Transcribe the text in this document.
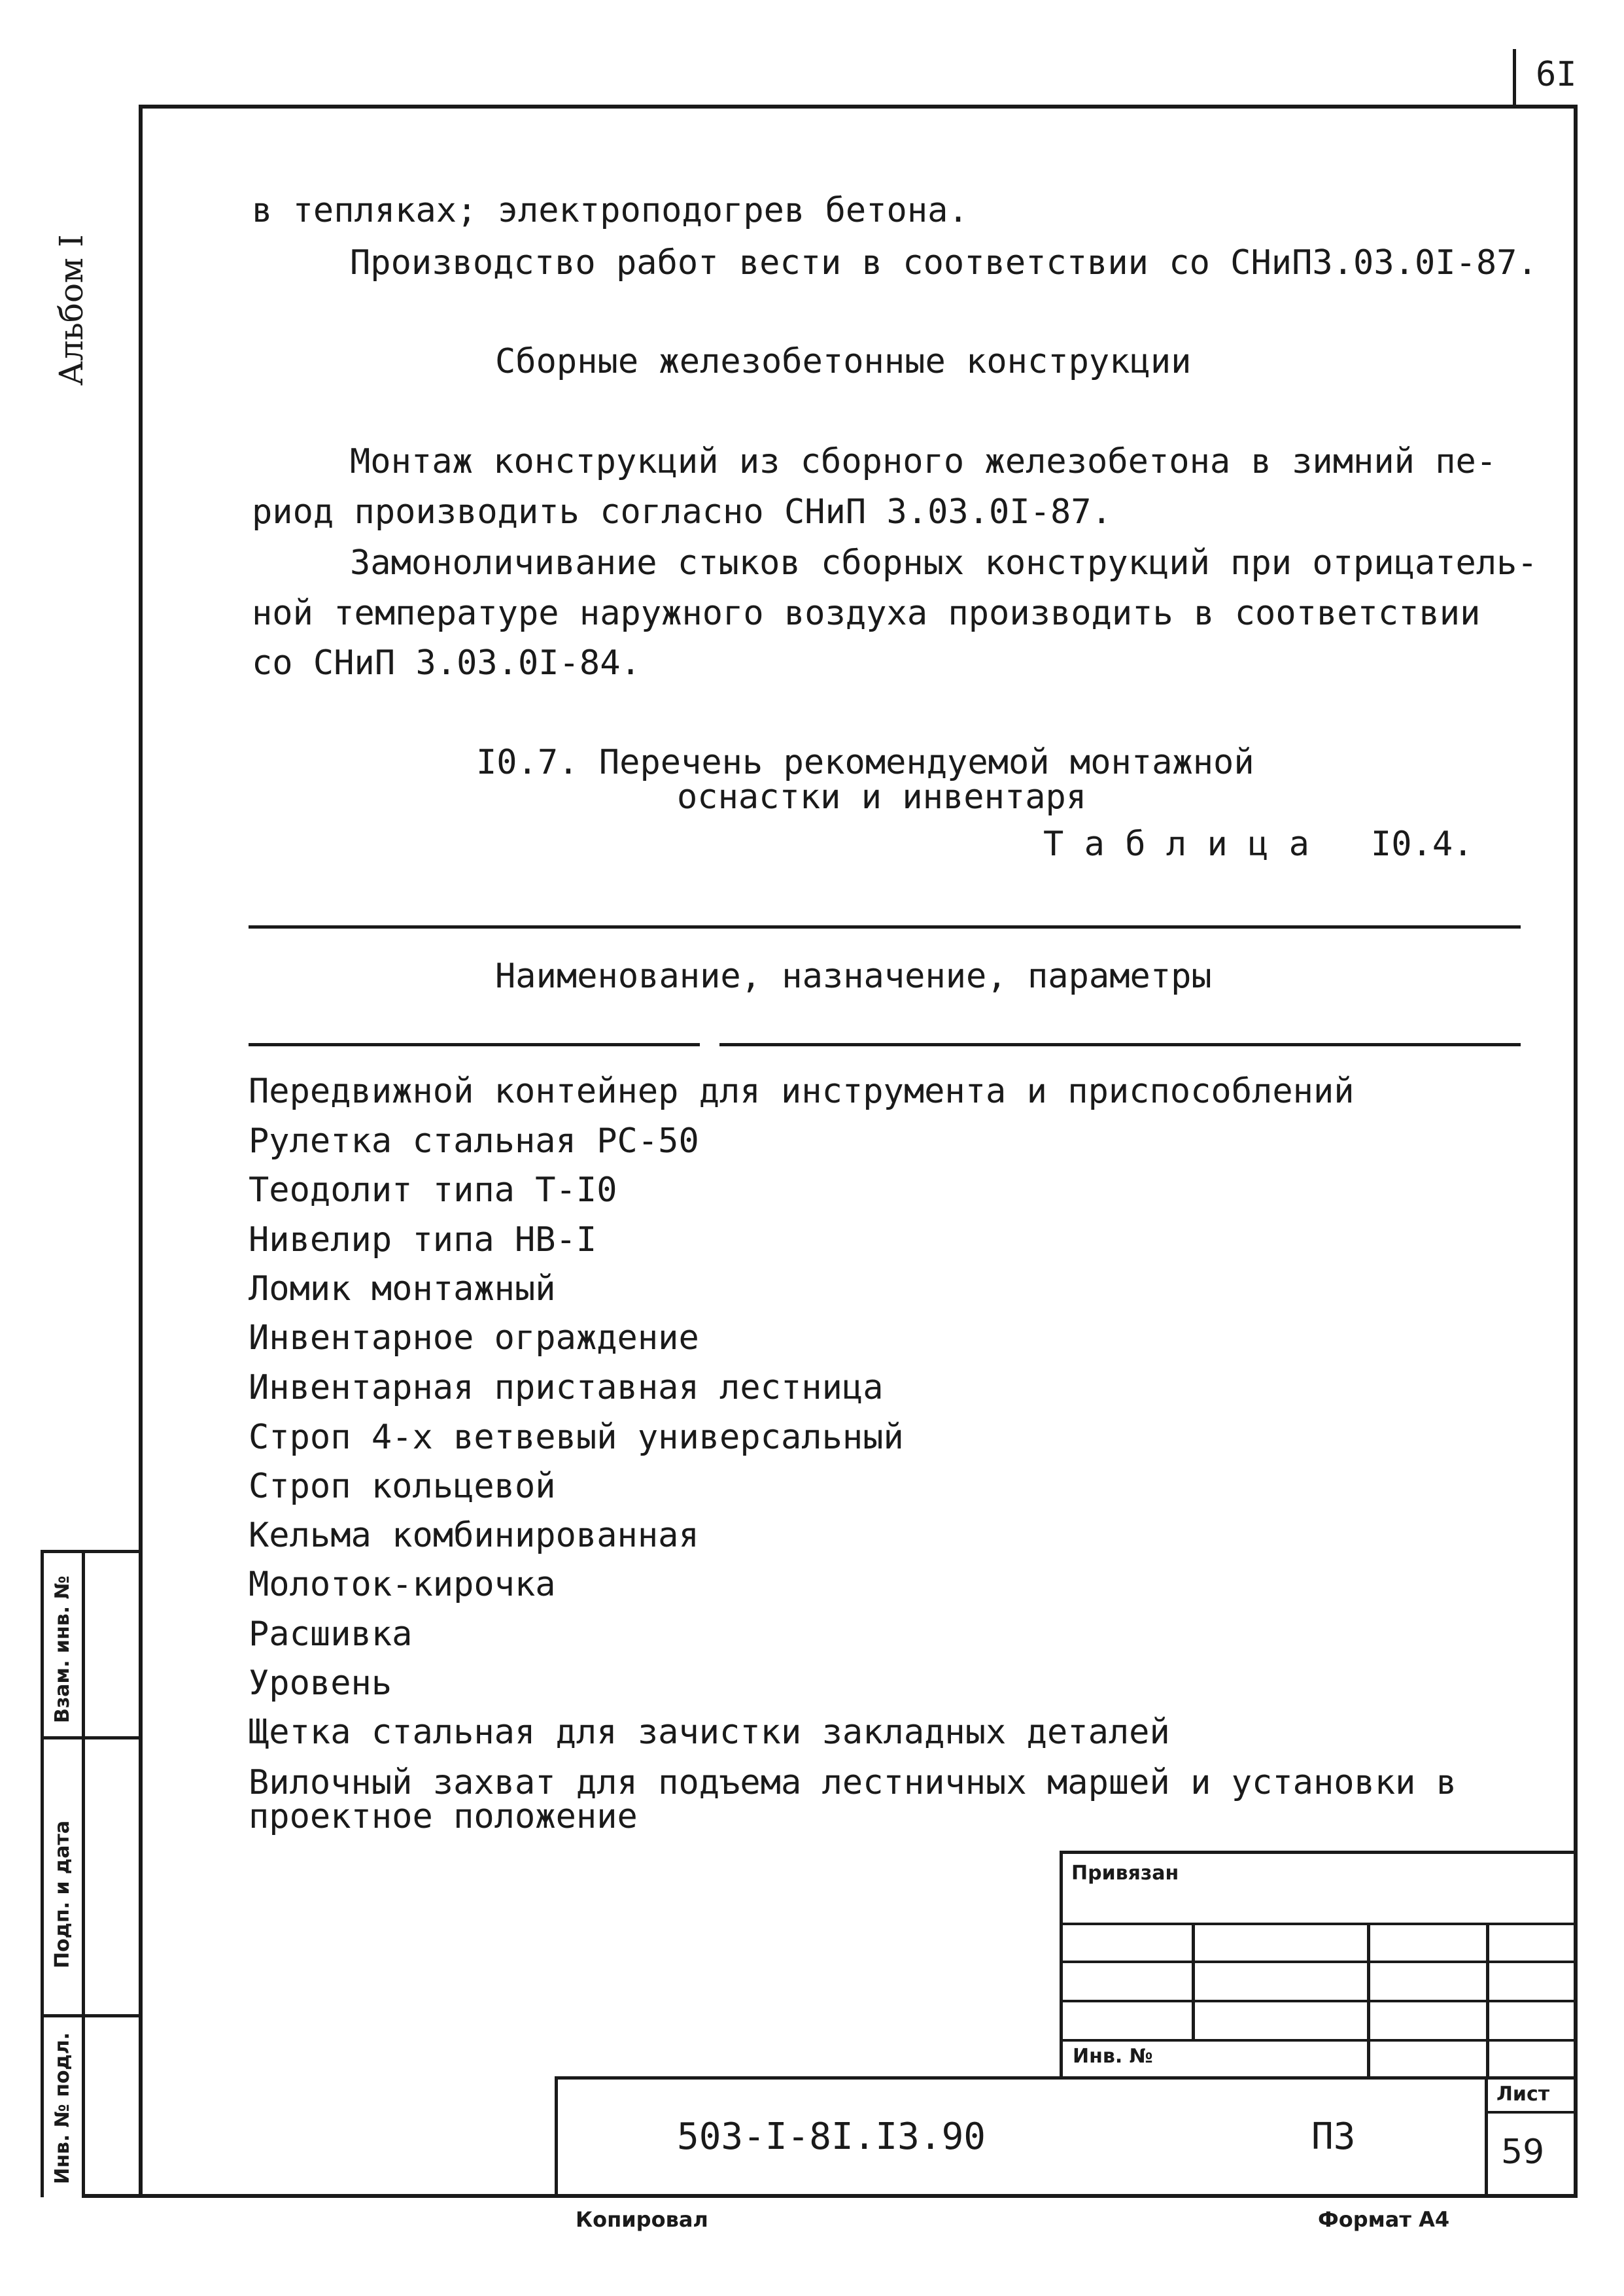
6I
Альбом I
в тепляках; электроподогрев бетона.
Производство работ вести в соответствии со СНиП3.03.0I-87.
Сборные железобетонные конструкции
Монтаж конструкций из сборного железобетона в зимний пе-
риод производить согласно СНиП 3.03.0I-87.
Замоноличивание стыков сборных конструкций при отрицатель-
ной температуре наружного воздуха производить в соответствии
со СНиП 3.03.0I-84.
I0.7. Перечень рекомендуемой монтажной
оснастки и инвентаря
Т а б л и ц а   I0.4.
Наименование, назначение, параметры
Передвижной контейнер для инструмента и приспособлений
Рулетка стальная РС-50
Теодолит типа Т-I0
Нивелир типа НВ-I
Ломик монтажный
Инвентарное ограждение
Инвентарная приставная лестница
Строп 4-х ветвевый универсальный
Строп кольцевой
Кельма комбинированная
Молоток-кирочка
Расшивка
Уровень
Щетка стальная для зачистки закладных деталей
Вилочный захват для подъема лестничных маршей и установки в
проектное положение
Взам. инв. №
Подп. и дата
Инв. № подл.
Привязан
Инв. №
503-I-8I.I3.90	ПЗ
Лист
59
Копировал	Формат А4
